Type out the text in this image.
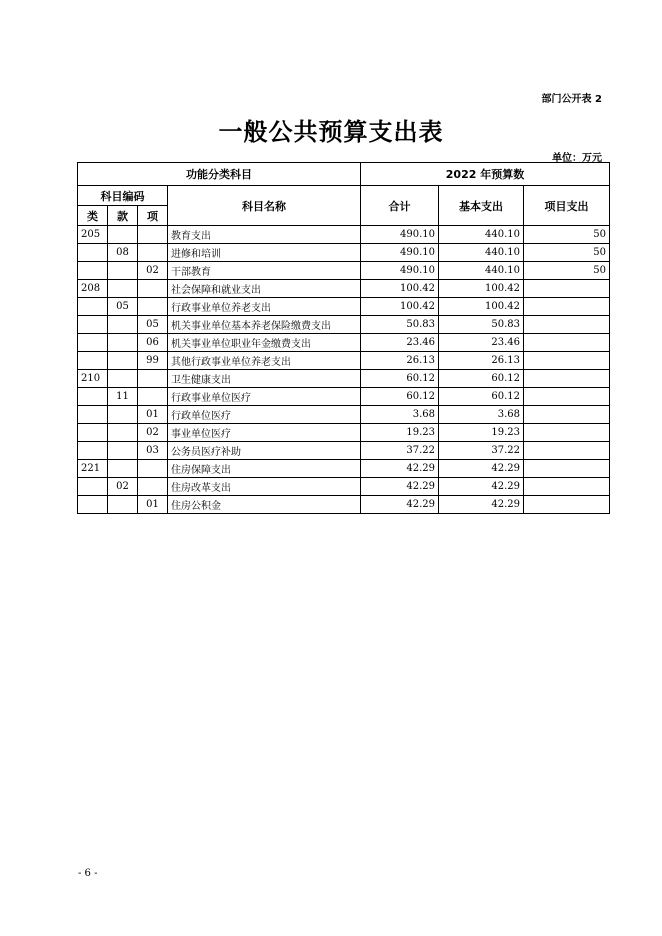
部门公开表 2
一般公共预算支出表
单位：万元
功能分类科目				2022 年预算数		
科目编码			科目名称	合计	基本支出	项目支出
类	款	项				
205			教育支出	490.10	440.10	50
	08		进修和培训	490.10	440.10	50
		02	干部教育	490.10	440.10	50
208			社会保障和就业支出	100.42	100.42	
	05		行政事业单位养老支出	100.42	100.42	
		05	机关事业单位基本养老保险缴费支出	50.83	50.83	
		06	机关事业单位职业年金缴费支出	23.46	23.46	
		99	其他行政事业单位养老支出	26.13	26.13	
210			卫生健康支出	60.12	60.12	
	11		行政事业单位医疗	60.12	60.12	
		01	行政单位医疗	3.68	3.68	
		02	事业单位医疗	19.23	19.23	
		03	公务员医疗补助	37.22	37.22	
221			住房保障支出	42.29	42.29	
	02		住房改革支出	42.29	42.29	
		01	住房公积金	42.29	42.29	
- 6 -
